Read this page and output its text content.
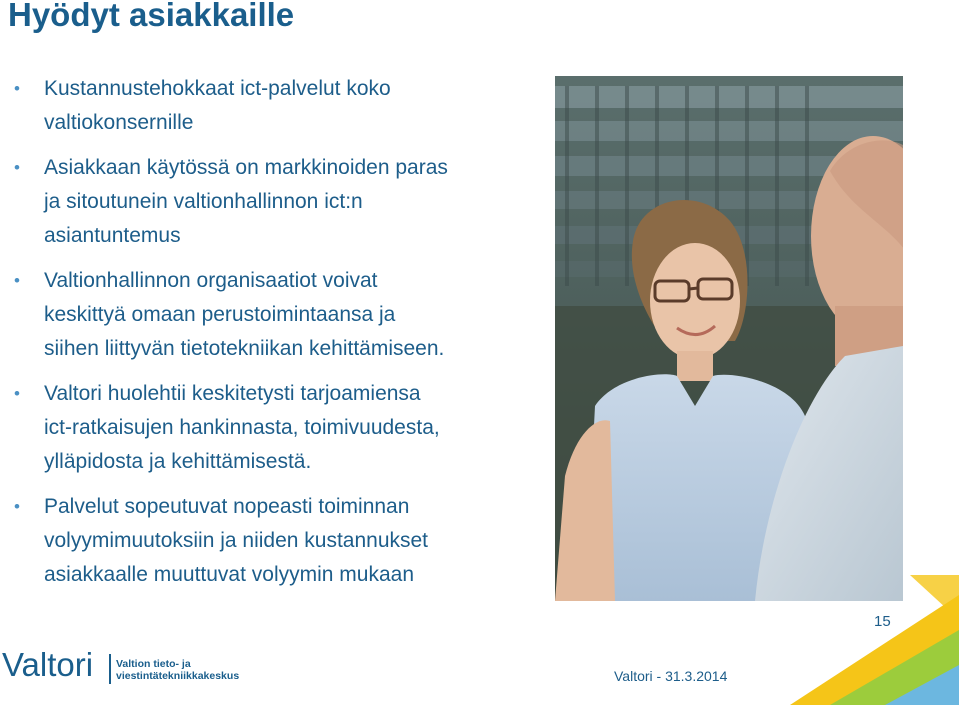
Hyödyt asiakkaille
• Kustannustehokkaat ict-palvelut koko
valtiokonsernille
• Asiakkaan käytössä on markkinoiden paras
ja sitoutunein valtionhallinnon ict:n
asiantuntemus
• Valtionhallinnon organisaatiot voivat
keskittyä omaan perustoimintaansa ja
siihen liittyvän tietotekniikan kehittämiseen.
• Valtori huolehtii keskitetysti tarjoamiensa
ict-ratkaisujen hankinnasta, toimivuudesta,
ylläpidosta ja kehittämisestä.
• Palvelut sopeutuvat nopeasti toiminnan
volyymimuutoksiin ja niiden kustannukset
asiakkaalle muuttuvat volyymin mukaan
15
Valtori - 31.3.2014
Valtori Valtion tieto- ja
viestintätekniikkakeskus
